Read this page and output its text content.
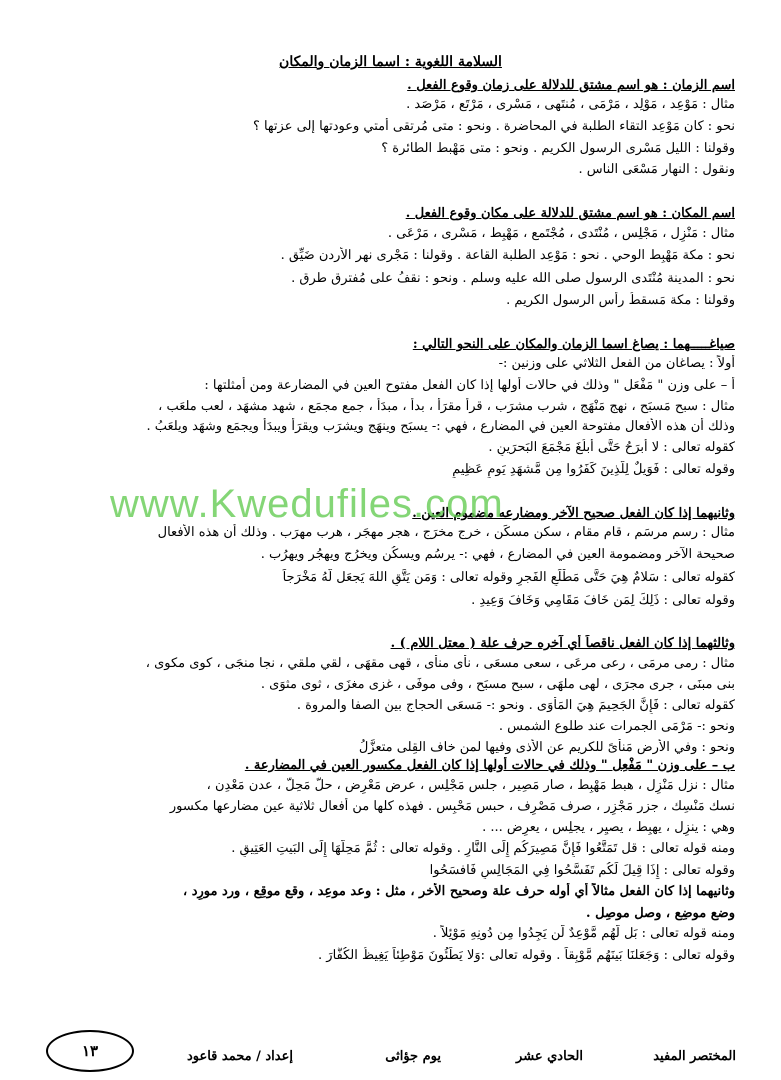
السلامة اللغوية : اسما الزمان والمكان
اسم الزمان : هو اسم مشتق للدلالة على زمان وقوع الفعل .
مثال : مَوْعِد ، مَوْلِد ، مَرْمَى ، مُنتَهى ، مَسْرى ، مَرْتَع ، مَرْصَد .
نحو : كان مَوْعِد التقاء الطلبة في المحاضرة . ونحو : متى مُرتقى أمتي وعودتها إلى عزتها ؟
وقولنا : الليل مَسْرى الرسول الكريم . ونحو : متى مَهْبط الطائرة ؟
ونقول : النهار مَسْعَى الناس .
اسم المكان : هو اسم مشتق للدلالة على مكان وقوع الفعل .
مثال : مَنْزِل ، مَجْلِس ، مُنْتَدى ، مُجْتَمع ، مَهْبِط ، مَسْرى ، مَرْعَى .
نحو : مكة مَهْبِط الوحي . نحو : مَوْعِد الطلبة القاعة . وقولنا : مَجْرى نهر الأردن ضَيِّق .
نحو : المدينة مُنْتَدى الرسول صلى الله عليه وسلم . ونحو : نقفُ على مُفترق طرق .
وقولنا : مكة مَسقطُ رأس الرسول الكريم .
صياغـــــهما : يصاغ اسما الزمان والمكان على النحو التالي :
أولاً : يصاغان من الفعل الثلاثي على وزنين :-
أ – على وزن " مَفْعَل " وذلك في حالات أولها إذا كان الفعل مفتوح العين في المضارعة ومن أمثلتها :
مثال : سبح مَسبَح ، نهج مَنْهَج ، شرب مشرَب ، قرأ مقرَأ ، بدأ ، مبدَأ ، جمع مجمَع ، شهد مشهَد ، لعب ملعَب ،
وذلك أن هذه الأفعال مفتوحة العين في المضارع ، فهي :- يسبَح وينهَج ويشرَب ويقرَأ ويبدَأ ويجمَع وشهَد ويلعَبُ .
كقوله تعالى : لا أَبرَحُ حَتَّى أَبلُغَ مَجْمَعَ البَحرَينِ .
وقوله تعالى : فَوَيلٌ لِلَّذِينَ كَفَرُوا مِن مَّشهَدِ يَومٍ عَظِيمٍ
وثانيهما إذا كان الفعل صحيح الآخر ومضارعه مضموم العين .
مثال : رسم مرسَم ، قام مقام ، سكن مسكَن ، خرج مخرَج ، هجر مهجَر ، هرب مهرَب . وذلك أن هذه الأفعال
صحيحة الآخر ومضمومة العين في المضارع ، فهي :- يرسُم ويسكُن ويخرُج ويهجُر ويهرُب .
كقوله تعالى : سَلامٌ هِيَ حَتَّى مَطْلَعِ الفَجرِ وقوله تعالى : وَمَن يَتَّقِ اللهَ يَجعَل لَّهُ مَخْرَجاً
وقوله تعالى : ذَلِكَ لِمَن خَافَ مَقَامِي وَخَافَ وَعِيدِ .
وثالثهما إذا كان الفعل ناقصاً أي آخره حرف علة ( معتل اللام ) .
مثال : رمى مرمَى ، رعى مرعَى ، سعى مسعَى ، نأى منأى ، قهى مقهَى ، لقي ملقي ، نجا منجَى ، كوى مكوى ،
بنى مبنَى ، جرى مجرَى ، لهى ملهَى ، سبح مسبَح ، وفى موفَى ، غزى مغزَى ، ثوى مثوَى .
كقوله تعالى : فَإِنَّ الجَحِيمَ هِيَ المَأوَى . ونحو :- مَسعَى الحجاج بين الصفا والمروة .
ونحو :- مَرْمَى الجمرات عند طلوع الشمس .
ونحو : وفي الأرض مَنأىً للكريم عن الأذى وفيها لمن خاف القِلى متعزَّلُ
ب – على وزن " مَفْعِل " وذلك في حالات أولها إذا كان الفعل مكسور العين في المضارعة .
مثال : نزل مَنْزِل ، هبط مَهْبِط ، صار مَصِير ، جلس مَجْلِس ، عرض مَعْرِض ، حلّ مَحِلّ ، عدن مَعْدِن ،
نسك مَنْسِك ، جزر مَجْزِر ، صرف مَصْرِف ، حبس مَحْبِس . فهذه كلها من أفعال ثلاثية عين مضارعها مكسور
وهي : ينزِل ، يهبِط ، يصيِر ، يجلِس ، يعرِض ... .
ومنه قوله تعالى : قل تَمَتَّعُوا فَإِنَّ مَصِيرَكُم إِلَى النَّارِ . وقوله تعالى : ثُمَّ مَحِلُّهَا إِلَى البَيتِ العَتِيقِ .
وقوله تعالى : إِذَا قِيلَ لَكُم تَفَسَّحُوا فِي المَجَالِسِ فَافسَحُوا
وثانيهما إذا كان الفعل مثالاً أي أوله حرف علة وصحيح الأخر ، مثل : وعد موعِد ، وقع موقِع ، ورد مورِد ،
وضع موضِع ، وصل موصِل .
ومنه قوله تعالى : بَل لَّهُم مَّوْعِدٌ لَّن يَجِدُوا مِن دُونِهِ مَوْئِلاً .
وقوله تعالى : وَجَعَلنَا بَينَهُم مَّوْبِقاً . وقوله تعالى :وَلا يَطَئُونَ مَوْطِئاً يَغِيظُ الكُفَّارَ .
www.Kwedufiles.com
المختصر المفيد
الحادي عشر
يوم جؤاثى
إعداد / محمد قاعود
١٣
